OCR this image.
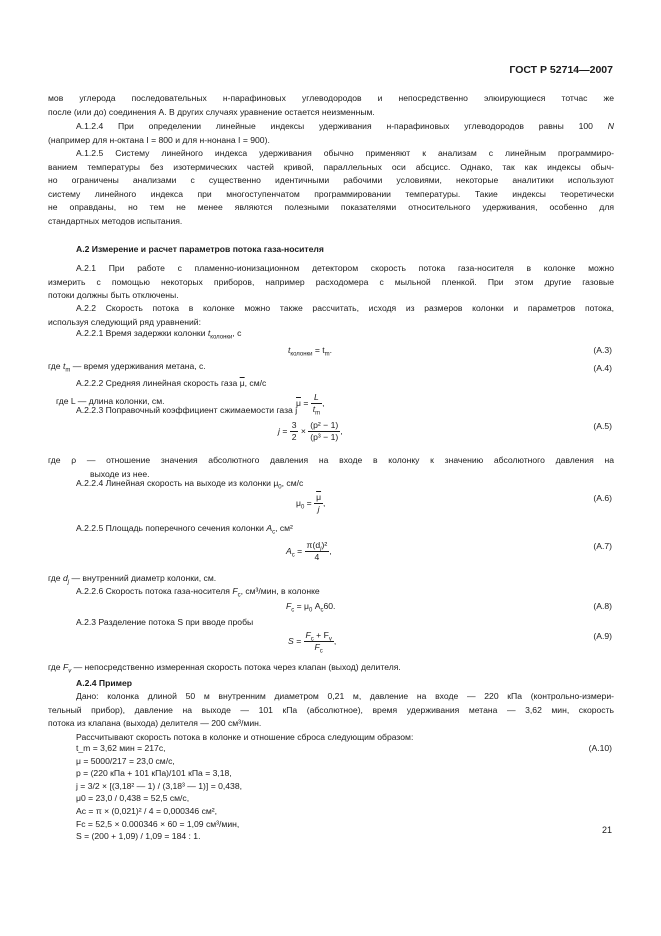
ГОСТ Р 52714—2007
мов углерода последовательных н-парафиновых углеводородов и непосредственно элюирующиеся тотчас же
после (или до) соединения А. В других случаях уравнение остается неизменным.
А.1.2.4 При определении линейные индексы удерживания н-парафиновых углеводородов равны 100 N
(например для н-октана I = 800 и для н-нонана I = 900).
А.1.2.5 Систему линейного индекса удерживания обычно применяют к анализам с линейным программиро-
ванием температуры без изотермических частей кривой, параллельных оси абсцисс. Однако, так как индексы обыч-
но ограничены анализами с существенно идентичными рабочими условиями, некоторые аналитики используют
систему линейного индекса при многоступенчатом программировании температуры. Такие индексы теоретически
не оправданы, но тем не менее являются полезными показателями относительного удерживания, особенно для
стандартных методов испытания.
А.2 Измерение и расчет параметров потока газа-носителя
А.2.1 При работе с пламенно-ионизационном детектором скорость потока газа-носителя в колонке можно
измерить с помощью некоторых приборов, например расходомера с мыльной пленкой. При этом другие газовые
потоки должны быть отключены.
А.2.2 Скорость потока в колонке можно также рассчитать, исходя из размеров колонки и параметров потока,
используя следующий ряд уравнений:
А.2.2.1 Время задержки колонки $t_{колонки}$, с
$t_{колонки} = t_m$.	(А.3)
где $t_m$ — время удерживания метана, с.
А.2.2.2 Средняя линейная скорость газа $\overline{\mu}$, см/с
$\overline{\mu} = \frac{L}{t_m}$ ,
(А.4)
где L — длина колонки, см.
А.2.2.3 Поправочный коэффициент сжимаемости газа j
$j = \frac{3}{2} \times \frac{\text{(p² − 1)}}{\text{(p³ − 1)}}$ ,	(А.5)
где ρ — отношение значения абсолютного давления на входе в колонку к значению абсолютного давления на
выходе из нее.
А.2.2.4 Линейная скорость на выходе из колонки $\mu_0$, см/с
$\mu_0 = \frac{\overline{\mu}}{j}$ ,	(А.6)
А.2.2.5 Площадь поперечного сечения колонки $A_c$, см²
$A_c = \frac{\pi(d_j)^2}{4}$ ,	(А.7)
где $d_j$ — внутренний диаметр колонки, см.
А.2.2.6 Скорость потока газа-носителя $F_c$, см³/мин, в колонке
$F_c = \mu_0$ $A_c60$.	(А.8)
А.2.3 Разделение потока S при вводе пробы
$S = \frac{F_c + F_v}{F_c}$ ,	(А.9)
где $F_v$ — непосредственно измеренная скорость потока через клапан (выход) делителя.
А.2.4 Пример
Дано: колонка длиной 50 м внутренним диаметром 0,21 м, давление на входе — 220 кПа (контрольно-измери-
тельный прибор), давление на выходе — 101 кПа (абсолютное), время удерживания метана — 3,62 мин, скорость
потока из клапана (выхода) делителя — 200 см³/мин.
Рассчитывают скорость потока в колонке и отношение сброса следующим образом:
(А.10)
t_m = 3,62 мин = 217с,
μ = 5000/217 = 23,0 см/с,
p = (220 кПа + 101 кПа)/101 кПа = 3,18,
j = 3/2 × [(3,18² — 1) / (3,18³ — 1)] = 0,438,
μ0 = 23,0 / 0,438 = 52,5 см/с,
Ac = π × (0,021)² / 4 = 0,000346 см²,
Fc = 52,5 × 0.000346 × 60 = 1,09 см³/мин,
S = (200 + 1,09) / 1,09 = 184 : 1.
21
